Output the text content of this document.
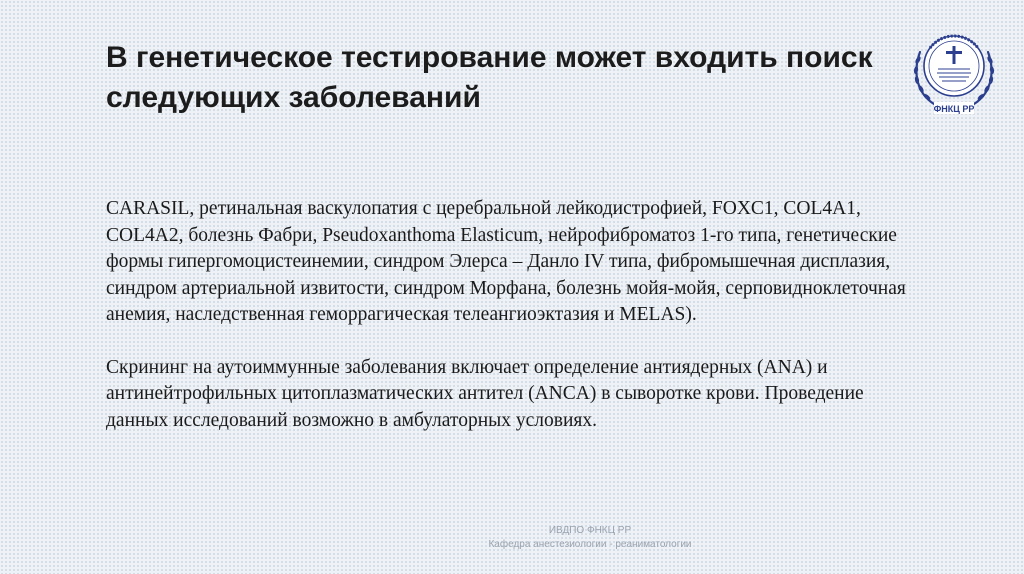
В генетическое тестирование может входить поиск следующих заболеваний	ФНКЦ РР

CARASIL, ретинальная васкулопатия с церебральной лейкодистрофией, FOXC1, COL4A1, COL4A2, болезнь Фабри, Pseudoxanthoma Elasticum, нейрофиброматоз 1-го типа, генетические формы гипергомоцистеинемии, синдром Элерса – Данло IV типа, фибромышечная дисплазия, синдром артериальной извитости, синдром Морфана, болезнь мойя-мойя, серповидноклеточная анемия, наследственная геморрагическая телеангиоэктазия и MELAS).

Скрининг на аутоиммунные заболевания включает определение антиядерных (ANA) и антинейтрофильных цитоплазматических антител (ANCA) в сыворотке крови. Проведение данных исследований возможно в амбулаторных условиях.

ИВДПО ФНКЦ РР
Кафедра анестезиологии - реаниматологии
